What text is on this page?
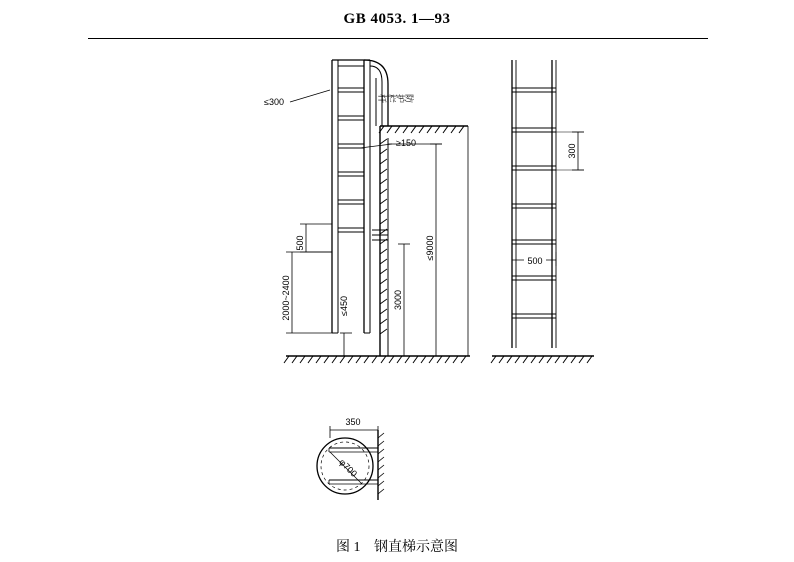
GB 4053. 1—93
≤300	防护栏杆
≥150
500
2000~2400	≤450	3000
≤9000
500
300
350
φ700
图 1 钢直梯示意图
